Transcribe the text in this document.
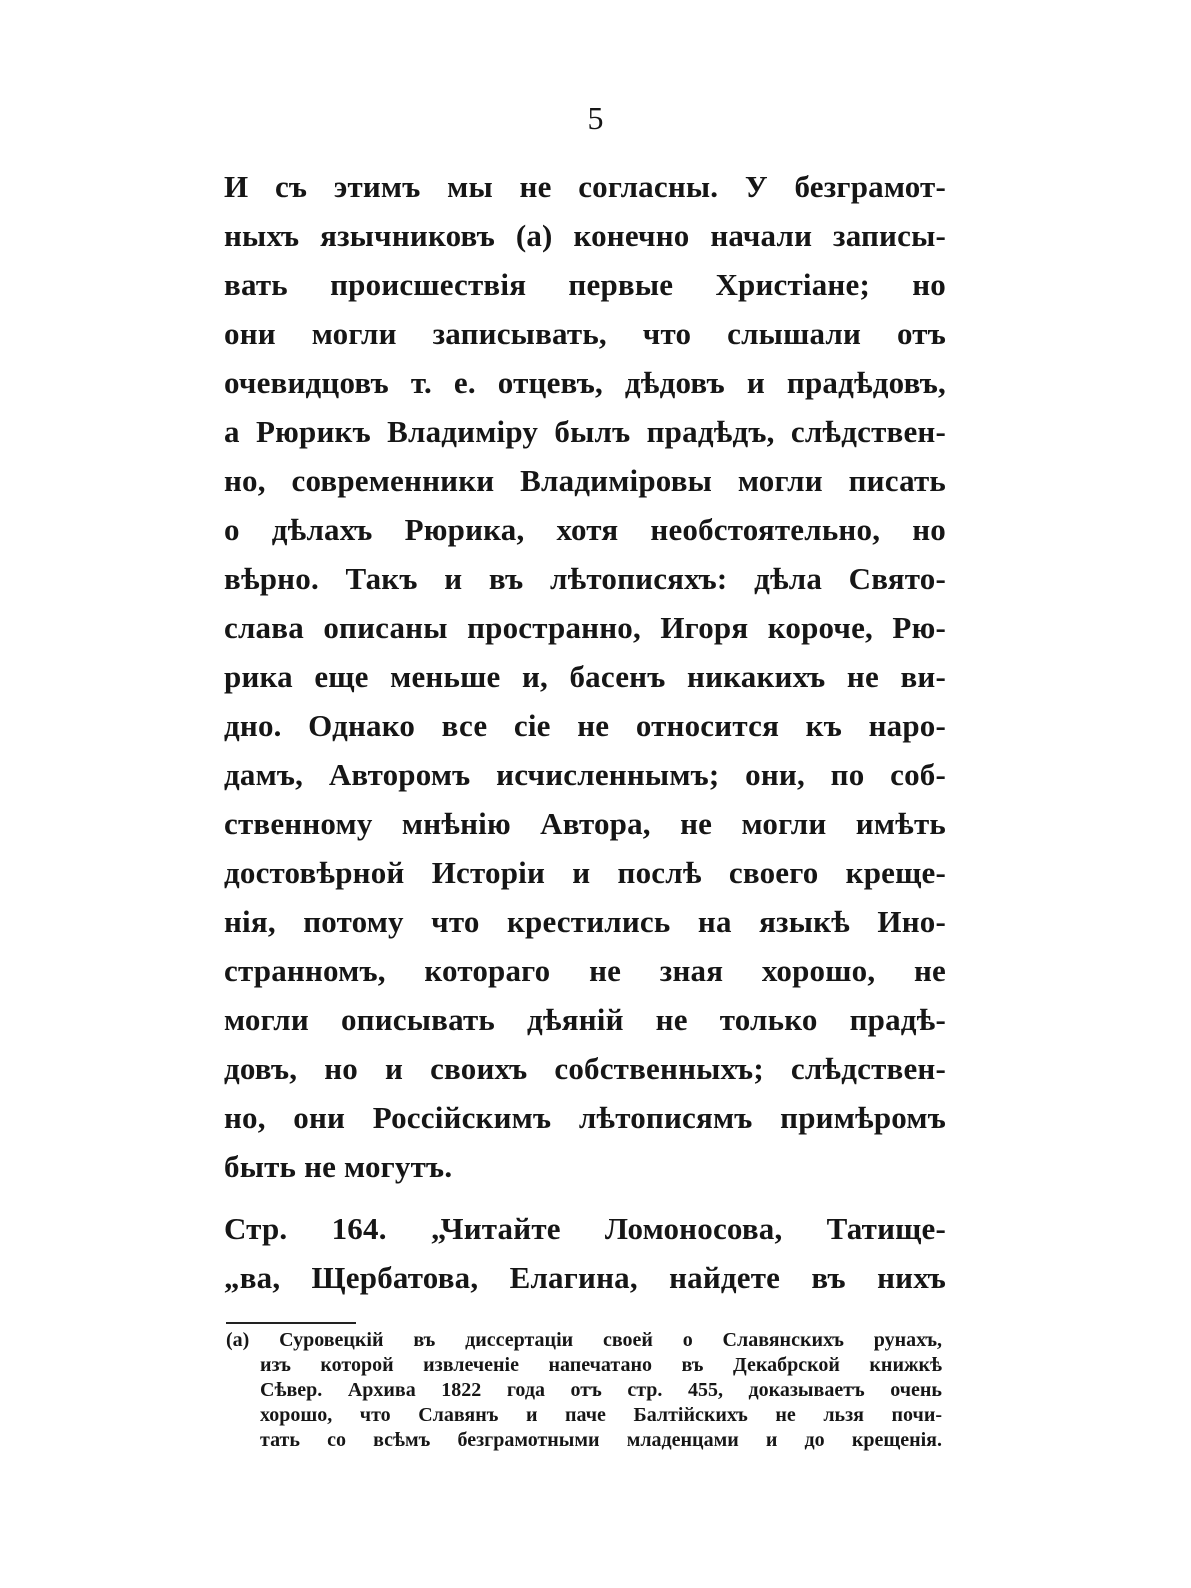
5
И съ этимъ мы не согласны. У безграмот-
ныхъ язычниковъ (а) конечно начали записы-
вать происшествія первые Христіане; но
они могли записывать, что слышали отъ
очевидцовъ т. е. отцевъ, дѣдовъ и прадѣдовъ,
а Рюрикъ Владиміру былъ прадѣдъ, слѣдствен-
но, современники Владиміровы могли писать
о дѣлахъ Рюрика, хотя необстоятельно, но
вѣрно. Такъ и въ лѣтописяхъ: дѣла Свято-
слава описаны пространно, Игоря короче, Рю-
рика еще меньше и, басенъ никакихъ не ви-
дно. Однако все сіе не относится къ наро-
дамъ, Авторомъ исчисленнымъ; они, по соб-
ственному мнѣнію Автора, не могли имѣть
достовѣрной Исторіи и послѣ своего креще-
нія, потому что крестились на языкѣ Ино-
странномъ, котораго не зная хорошо, не
могли описывать дѣяній не только прадѣ-
довъ, но и своихъ собственныхъ; слѣдствен-
но, они Россійскимъ лѣтописямъ примѣромъ
быть не могутъ.
Стр. 164. „Читайте Ломоносова, Татище-
„ва, Щербатова, Елагина, найдете въ нихъ
(а) Суровецкій въ диссертаціи своей о Славянскихъ рунахъ,
изъ которой извлеченіе напечатано въ Декабрской книжкѣ
Сѣвер. Архива 1822 года отъ стр. 455, доказываетъ очень
хорошо, что Славянъ и паче Балтійскихъ не льзя почи-
тать со всѣмъ безграмотными младенцами и до крещенія.
